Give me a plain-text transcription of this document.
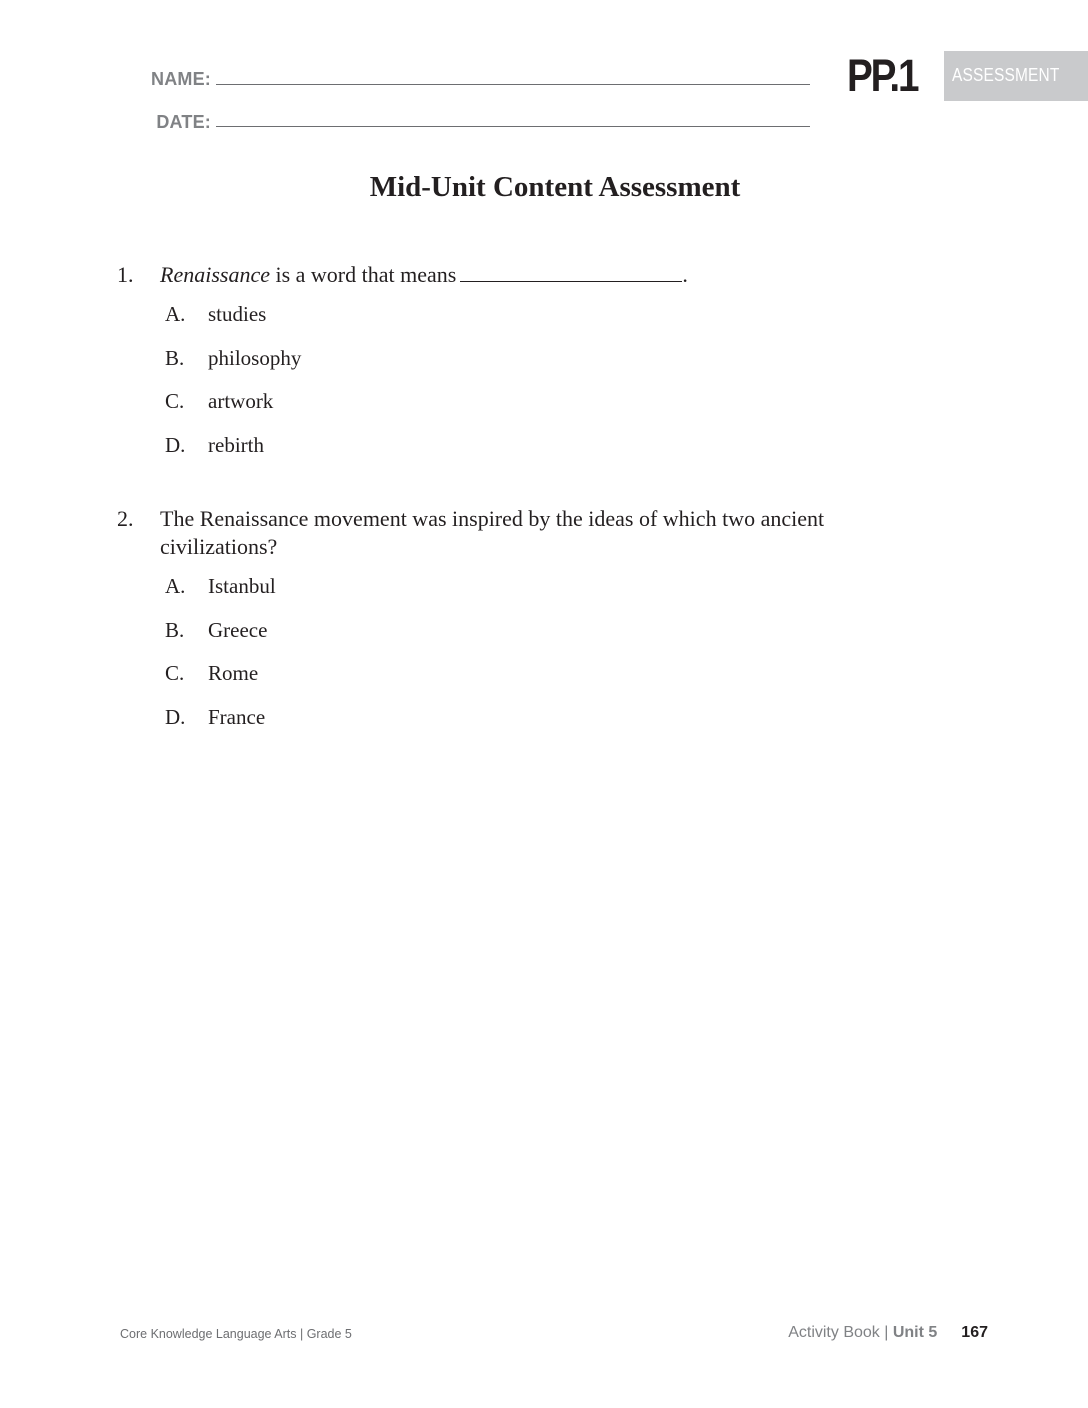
NAME:
DATE:
PP.1 ASSESSMENT
Mid-Unit Content Assessment
1. Renaissance is a word that means	.
A. studies
B. philosophy
C. artwork
D. rebirth
2. The Renaissance movement was inspired by the ideas of which two ancient civilizations?
A. Istanbul
B. Greece
C. Rome
D. France
Core Knowledge Language Arts | Grade 5	Activity Book | Unit 5 167
